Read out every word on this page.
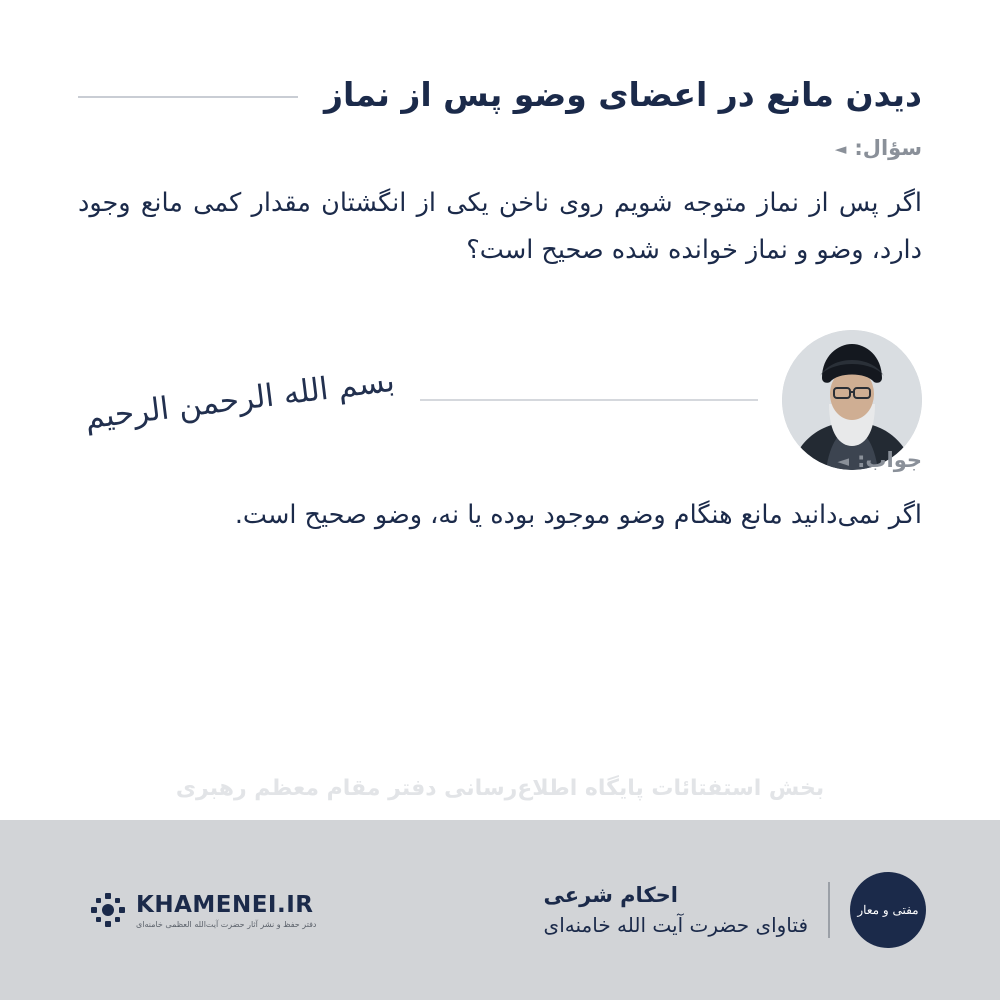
دیدن مانع در اعضای وضو پس از نماز
سؤال:
◄
اگر پس از نماز متوجه شویم روی ناخن یکی از انگشتان مقدار کمی مانع وجود دارد، وضو و نماز خوانده شده صحیح است؟
بسم الله الرحمن الرحیم
جواب:
◄
اگر نمی‌دانید مانع هنگام وضو موجود بوده یا نه، وضو صحیح است.
بخش استفتائات پایگاه اطلاع‌رسانی دفتر مقام معظم رهبری
مفتی و معار
احکام شرعی
فتاوای حضرت آیت الله خامنه‌ای
KHAMENEI.IR
دفتر حفظ و نشر آثار حضرت آیت‌الله العظمی خامنه‌ای
